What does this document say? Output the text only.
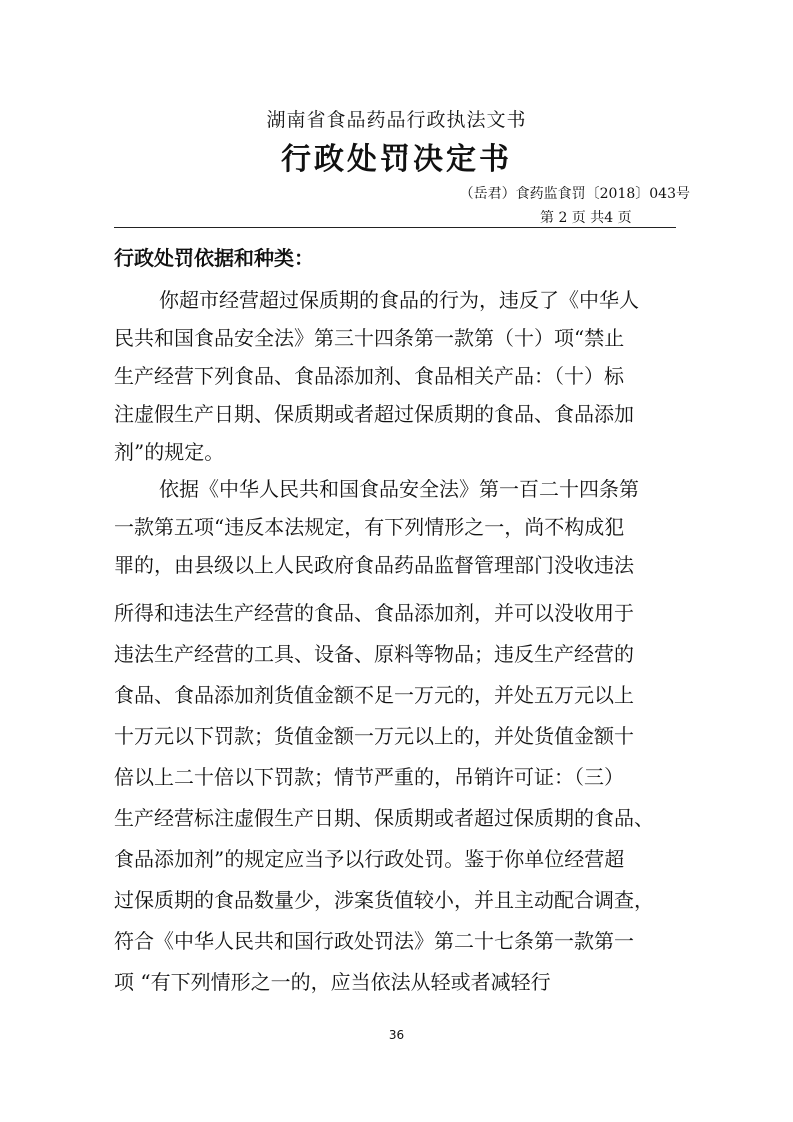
湖南省食品药品行政执法文书
行政处罚决定书
（岳君）食药监食罚〔2018〕043号
第 2 页 共4 页
行政处罚依据和种类：
你超市经营超过保质期的食品的行为，违反了《中华人
民共和国食品安全法》第三十四条第一款第（十）项“禁止
生产经营下列食品、食品添加剂、食品相关产品：（十）标
注虚假生产日期、保质期或者超过保质期的食品、食品添加
剂”的规定。
依据《中华人民共和国食品安全法》第一百二十四条第
一款第五项“违反本法规定，有下列情形之一，尚不构成犯
罪的，由县级以上人民政府食品药品监督管理部门没收违法
所得和违法生产经营的食品、食品添加剂，并可以没收用于
违法生产经营的工具、设备、原料等物品；违反生产经营的
食品、食品添加剂货值金额不足一万元的，并处五万元以上
十万元以下罚款；货值金额一万元以上的，并处货值金额十
倍以上二十倍以下罚款；情节严重的，吊销许可证：（三）
生产经营标注虚假生产日期、保质期或者超过保质期的食品、
食品添加剂”的规定应当予以行政处罚。鉴于你单位经营超
过保质期的食品数量少，涉案货值较小，并且主动配合调查，
符合《中华人民共和国行政处罚法》第二十七条第一款第一
项 “有下列情形之一的，应当依法从轻或者减轻行
36
